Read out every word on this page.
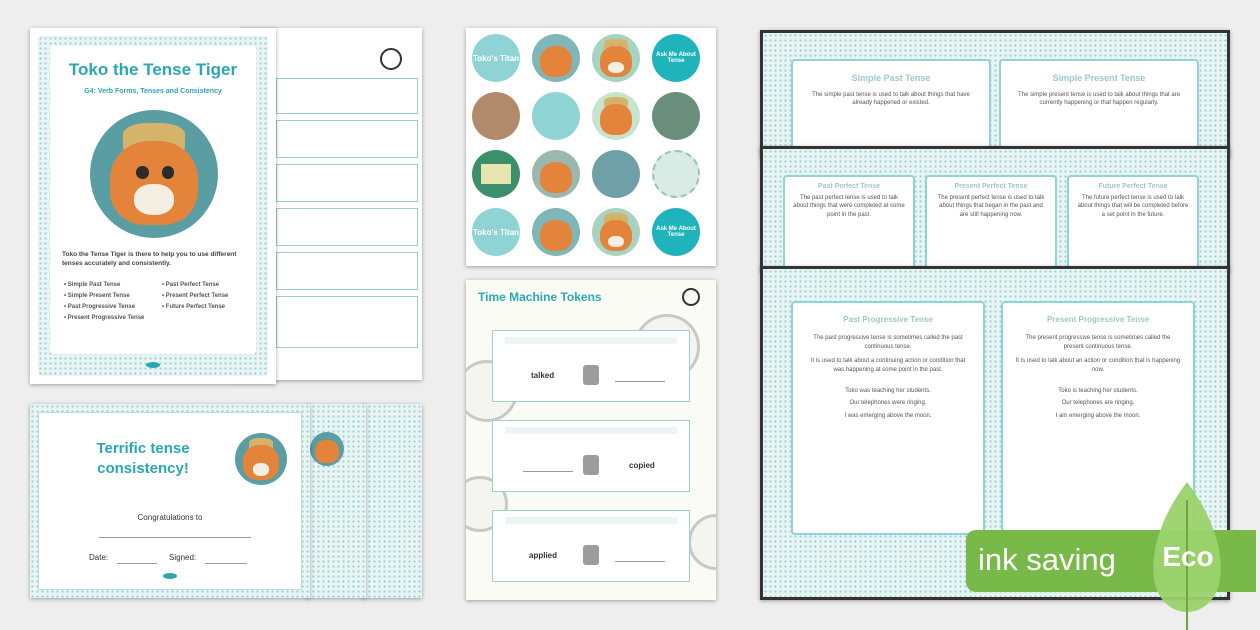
Toko the Tense Tiger
G4: Verb Forms, Tenses and Consistency
Toko the Tense Tiger is there to help you to use different tenses accurately and consistently.
• Simple Past Tense
• Simple Present Tense
• Past Progressive Tense
• Present Progressive Tense
• Past Perfect Tense
• Present Perfect Tense
• Future Perfect Tense
Terrific tense consistency!
Congratulations to
Date:	Signed:
Toko's Titan	Ask Me About Tense
Toko's Titan	Ask Me About Tense
Time Machine Tokens
talked
copied
applied
Simple Past Tense
The simple past tense is used to talk about things that have already happened or existed.
Simple Present Tense
The simple present tense is used to talk about things that are currently happening or that happen regularly.
Past Perfect Tense
The past perfect tense is used to talk about things that were completed at some point in the past.
Present Perfect Tense
The present perfect tense is used to talk about things that began in the past and are still happening now.
Future Perfect Tense
The future perfect tense is used to talk about things that will be completed before a set point in the future.
Past Progressive Tense

The past progressive tense is sometimes called the past continuous tense.

It is used to talk about a continuing action or condition that was happening at some point in the past.

Toko was teaching her students.

Our telephones were ringing.

I was emerging above the moon.

Present Progressive Tense

The present progressive tense is sometimes called the present continuous tense.

It is used to talk about an action or condition that is happening now.

Toko is teaching her students.

Our telephones are ringing.

I am emerging above the moon.

ink saving Eco
